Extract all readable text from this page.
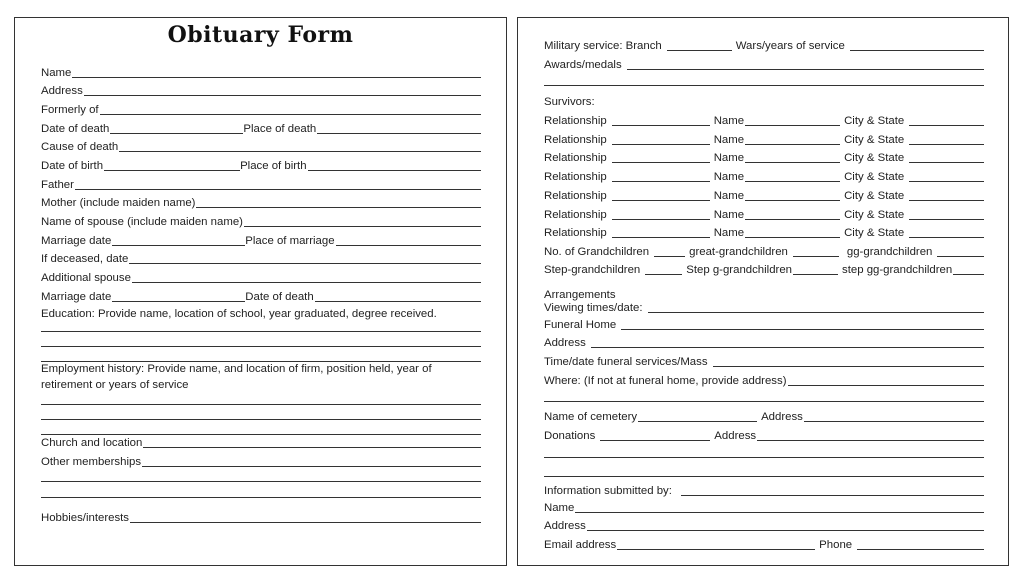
Obituary Form
Name
Address
Formerly of
Date of death	Place of death
Cause of death
Date of birth	Place of birth
Father
Mother (include maiden name)
Name of spouse (include maiden name)
Marriage date	Place of marriage
If deceased, date
Additional spouse
Marriage date	Date of death
Education: Provide name, location of school, year graduated, degree received.
Employment history: Provide name, and location of firm, position held, year of retirement or years of service
Church and location
Other memberships
Hobbies/interests
Military service: Branch	Wars/years of service
Awards/medals
Survivors:
Relationship	Name	City & State
Relationship	Name	City & State
Relationship	Name	City & State
Relationship	Name	City & State
Relationship	Name	City & State
Relationship	Name	City & State
Relationship	Name	City & State
No. of Grandchildren	great-grandchildren	gg-grandchildren
Step-grandchildren	Step g-grandchildren	step gg-grandchildren
Arrangements
Viewing times/date:
Funeral Home
Address
Time/date funeral services/Mass
Where: (If not at funeral home, provide address)
Name of cemetery	Address
Donations	Address
Information submitted by:
Name
Address
Email address	Phone
